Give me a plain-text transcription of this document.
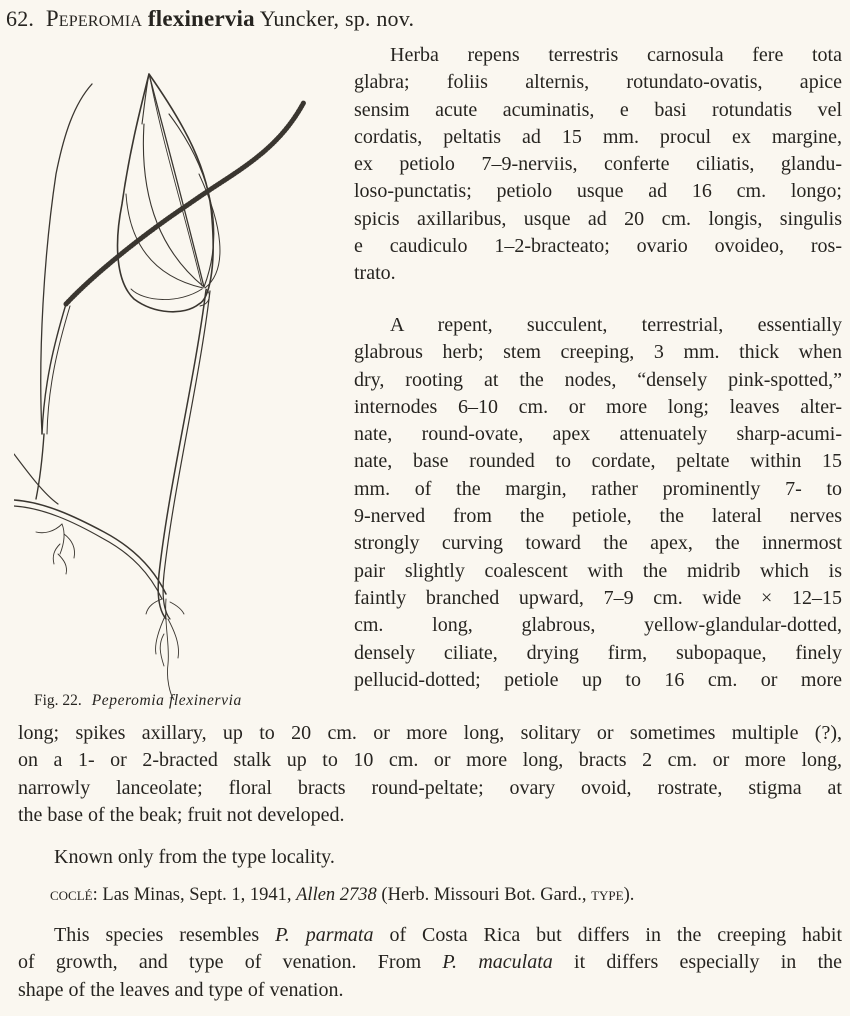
62. Peperomia flexinervia Yuncker, sp. nov.
Fig. 22. Peperomia flexinervia

Herba repens terrestris carnosula fere tota
glabra; foliis alternis, rotundato-ovatis, apice
sensim acute acuminatis, e basi rotundatis vel
cordatis, peltatis ad 15 mm. procul ex margine,
ex petiolo 7–9-nerviis, conferte ciliatis, glandu-
loso-punctatis; petiolo usque ad 16 cm. longo;
spicis axillaribus, usque ad 20 cm. longis, singulis
e caudiculo 1–2-bracteato; ovario ovoideo, ros-
trato.

A repent, succulent, terrestrial, essentially
glabrous herb; stem creeping, 3 mm. thick when
dry, rooting at the nodes, “densely pink-spotted,”
internodes 6–10 cm. or more long; leaves alter-
nate, round-ovate, apex attenuately sharp-acumi-
nate, base rounded to cordate, peltate within 15
mm. of the margin, rather prominently 7- to
9-nerved from the petiole, the lateral nerves
strongly curving toward the apex, the innermost
pair slightly coalescent with the midrib which is
faintly branched upward, 7–9 cm. wide × 12–15
cm. long, glabrous, yellow-glandular-dotted,
densely ciliate, drying firm, subopaque, finely
pellucid-dotted; petiole up to 16 cm. or more

long; spikes axillary, up to 20 cm. or more long, solitary or sometimes multiple (?),
on a 1- or 2-bracted stalk up to 10 cm. or more long, bracts 2 cm. or more long,
narrowly lanceolate; floral bracts round-peltate; ovary ovoid, rostrate, stigma at
the base of the beak; fruit not developed.

Known only from the type locality.
coclé: Las Minas, Sept. 1, 1941, Allen 2738 (Herb. Missouri Bot. Gard., type).

This species resembles P. parmata of Costa Rica but differs in the creeping habit
of growth, and type of venation. From P. maculata it differs especially in the
shape of the leaves and type of venation.
